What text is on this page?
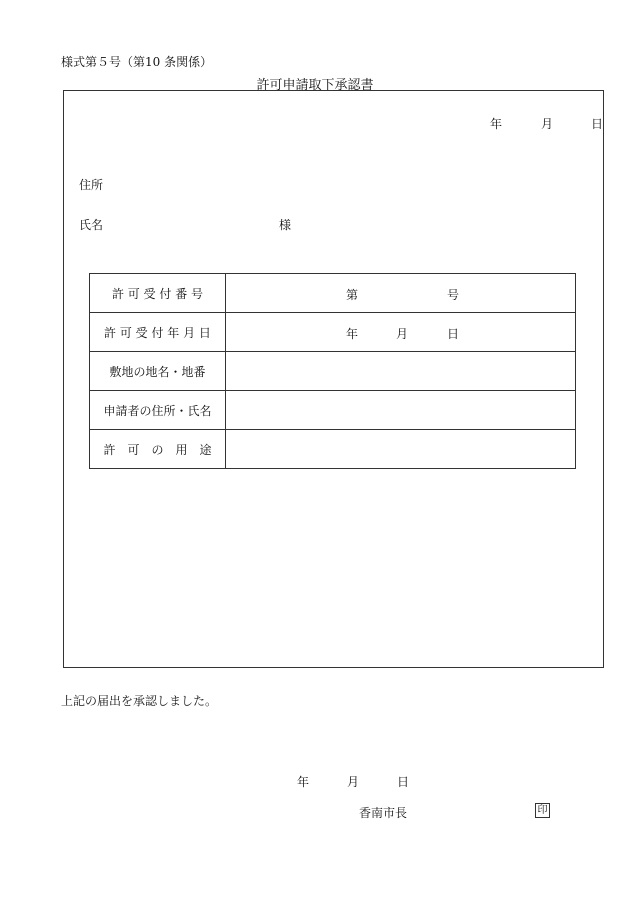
様式第５号（第10 条関係）
許可申請取下承認書
年	月	日
住所
氏名	様
許 可 受 付 番 号	第 号

許 可 受 付 年 月 日	年 月 日

敷地の地名・地番	
申請者の住所・氏名	
許　可　の　用　途	
上記の届出を承認しました。
年	月	日
香南市長	印
